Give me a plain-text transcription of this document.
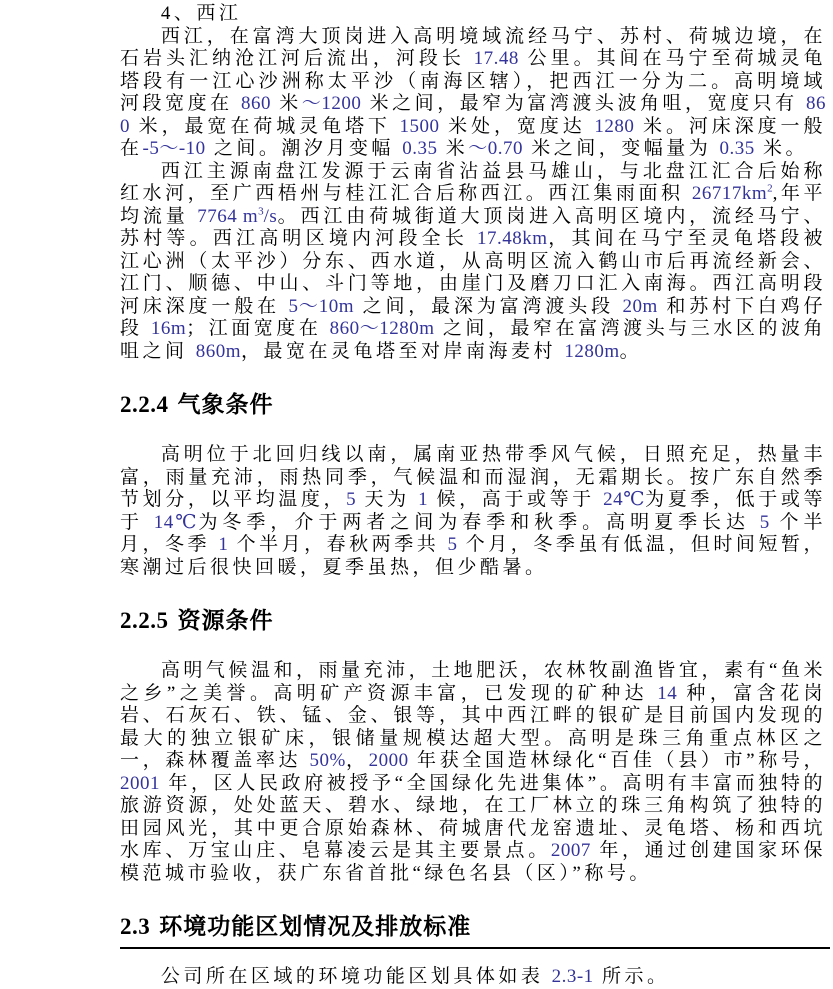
4、西江

西江，在富湾大顶岗进入高明境域流经马宁、苏村、荷城边境，在石岩头汇纳沧江河后流出，河段长 17.48 公里。其间在马宁至荷城灵龟塔段有一江心沙洲称太平沙（南海区辖），把西江一分为二。高明境域河段宽度在 860 米～1200 米之间，最窄为富湾渡头波角咀，宽度只有 860 米，最宽在荷城灵龟塔下 1500 米处，宽度达 1280 米。河床深度一般在-5～-10 之间。潮汐月变幅 0.35 米～0.70 米之间，变幅量为 0.35 米。

西江主源南盘江发源于云南省沾益县马雄山，与北盘江汇合后始称红水河，至广西梧州与桂江汇合后称西江。西江集雨面积 $26717km^2$,年平均流量 7764 $m^3/s$。西江由荷城街道大顶岗进入高明区境内，流经马宁、苏村等。西江高明区境内河段全长 17.48km，其间在马宁至灵龟塔段被江心洲（太平沙）分东、西水道，从高明区流入鹤山市后再流经新会、江门、顺德、中山、斗门等地，由崖门及磨刀口汇入南海。西江高明段河床深度一般在 5～10m 之间，最深为富湾渡头段 20m 和苏村下白鸡仔段 16m；江面宽度在 860～1280m 之间，最窄在富湾渡头与三水区的波角咀之间 860m，最宽在灵龟塔至对岸南海麦村 1280m。

2.2.4 气象条件

高明位于北回归线以南，属南亚热带季风气候，日照充足，热量丰富，雨量充沛，雨热同季，气候温和而湿润，无霜期长。按广东自然季节划分，以平均温度，5 天为 1 候，高于或等于 24℃为夏季，低于或等于 14℃为冬季，介于两者之间为春季和秋季。高明夏季长达 5 个半月，冬季 1 个半月，春秋两季共 5 个月，冬季虽有低温，但时间短暂，寒潮过后很快回暖，夏季虽热，但少酷暑。

2.2.5 资源条件

高明气候温和，雨量充沛，土地肥沃，农林牧副渔皆宜，素有“鱼米之乡”之美誉。高明矿产资源丰富，已发现的矿种达 14 种，富含花岗岩、石灰石、铁、锰、金、银等，其中西江畔的银矿是目前国内发现的最大的独立银矿床，银储量规模达超大型。高明是珠三角重点林区之一，森林覆盖率达 50%，2000 年获全国造林绿化“百佳（县）市”称号，2001 年，区人民政府被授予“全国绿化先进集体”。高明有丰富而独特的旅游资源，处处蓝天、碧水、绿地，在工厂林立的珠三角构筑了独特的田园风光，其中更合原始森林、荷城唐代龙窑遗址、灵龟塔、杨和西坑水库、万宝山庄、皂幕凌云是其主要景点。2007 年，通过创建国家环保模范城市验收，获广东省首批“绿色名县（区）”称号。

2.3 环境功能区划情况及排放标准

公司所在区域的环境功能区划具体如表 2.3-1 所示。
